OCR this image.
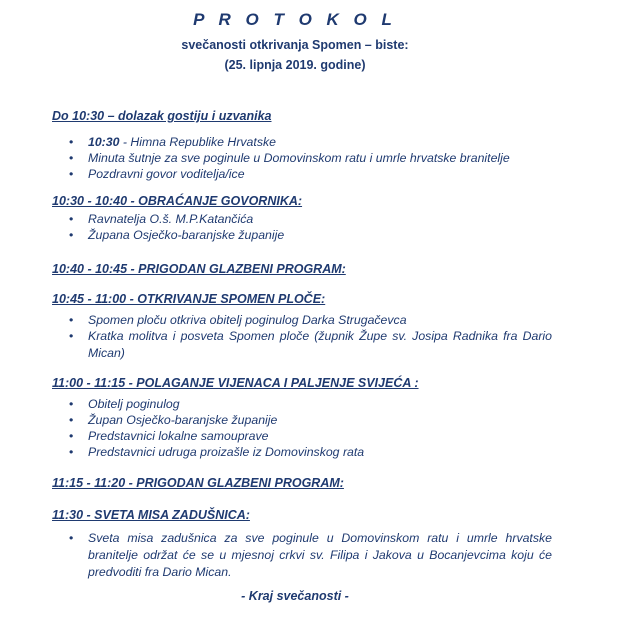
P R O T O K O L
svečanosti otkrivanja Spomen – biste:
(25. lipnja 2019. godine)
Do 10:30 – dolazak gostiju i uzvanika
• 10:30 - Himna Republike Hrvatske
• Minuta šutnje za sve poginule u Domovinskom ratu i umrle hrvatske branitelje
• Pozdravni govor voditelja/ice
10:30 - 10:40 - OBRAĆANJE GOVORNIKA:
• Ravnatelja O.š. M.P.Katančića
• Župana Osječko-baranjske županije
10:40 - 10:45 - PRIGODAN GLAZBENI PROGRAM:
10:45 - 11:00 - OTKRIVANJE SPOMEN PLOČE:
• Spomen ploču otkriva obitelj poginulog Darka Strugačevca
• Kratka molitva i posveta Spomen ploče (župnik Župe sv. Josipa Radnika fra Dario Mican)
11:00 - 11:15 - POLAGANJE VIJENACA I PALJENJE SVIJEĆA :
• Obitelj poginulog
• Župan Osječko-baranjske županije
• Predstavnici lokalne samouprave
• Predstavnici udruga proizašle iz Domovinskog rata
11:15 - 11:20 - PRIGODAN GLAZBENI PROGRAM:
11:30 - SVETA MISA ZADUŠNICA:
• Sveta misa zadušnica za sve poginule u Domovinskom ratu i umrle hrvatske branitelje održat će se u mjesnoj crkvi sv. Filipa i Jakova u Bocanjevcima koju će predvoditi fra Dario Mican.
- Kraj svečanosti -
